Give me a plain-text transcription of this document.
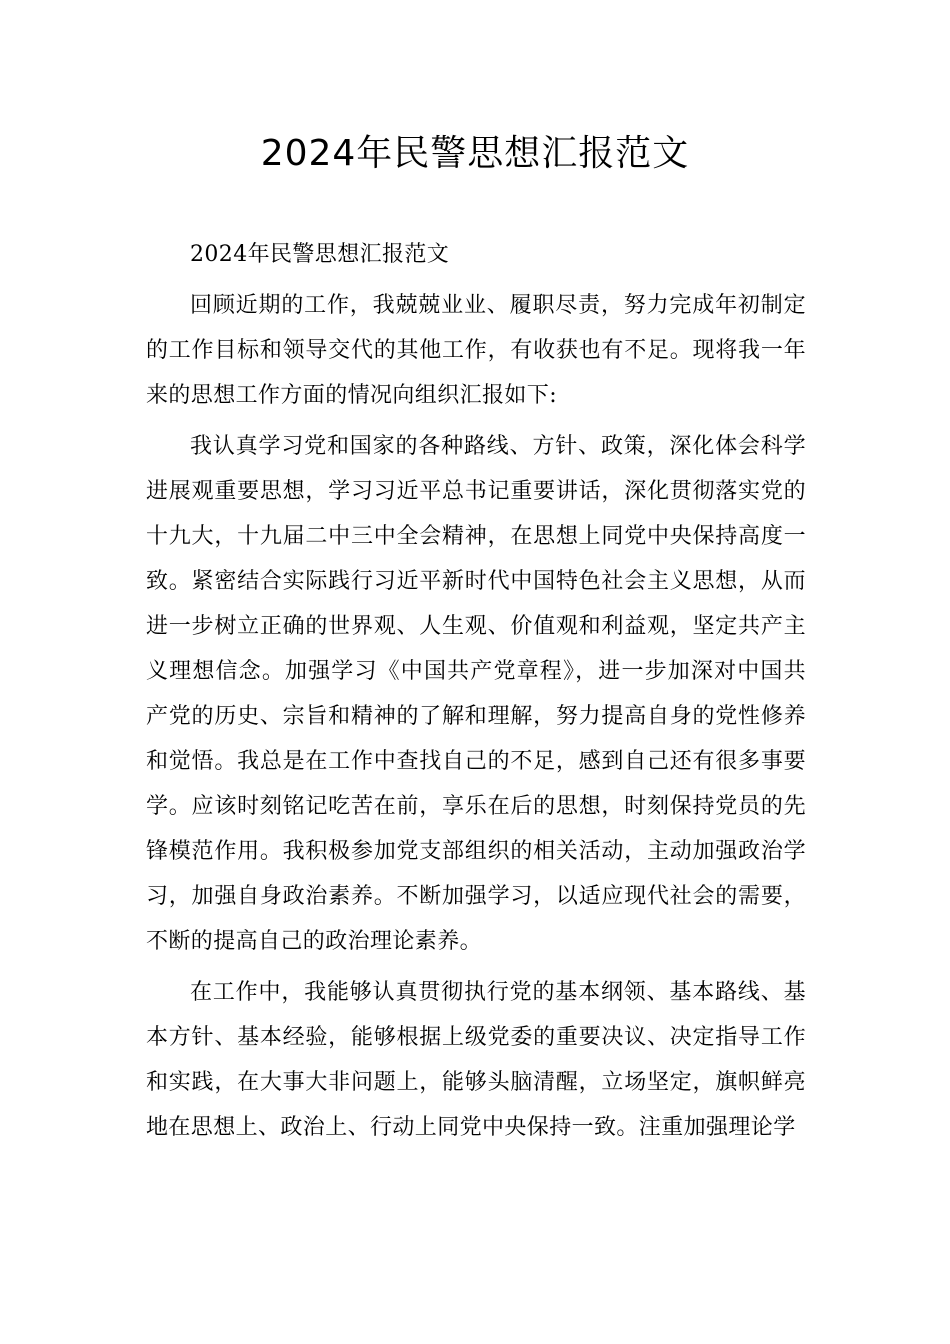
2024年民警思想汇报范文

2024年民警思想汇报范文

回顾近期的工作，我兢兢业业、履职尽责，努力完成年初制定的工作目标和领导交代的其他工作，有收获也有不足。现将我一年来的思想工作方面的情况向组织汇报如下:

我认真学习党和国家的各种路线、方针、政策，深化体会科学进展观重要思想，学习习近平总书记重要讲话，深化贯彻落实党的十九大，十九届二中三中全会精神，在思想上同党中央保持高度一致。紧密结合实际践行习近平新时代中国特色社会主义思想，从而进一步树立正确的世界观、人生观、价值观和利益观，坚定共产主义理想信念。加强学习《中国共产党章程》，进一步加深对中国共产党的历史、宗旨和精神的了解和理解，努力提高自身的党性修养和觉悟。我总是在工作中查找自己的不足，感到自己还有很多事要学。应该时刻铭记吃苦在前，享乐在后的思想，时刻保持党员的先锋模范作用。我积极参加党支部组织的相关活动，主动加强政治学习，加强自身政治素养。不断加强学习，以适应现代社会的需要，不断的提高自己的政治理论素养。

在工作中，我能够认真贯彻执行党的基本纲领、基本路线、基本方针、基本经验，能够根据上级党委的重要决议、决定指导工作和实践，在大事大非问题上，能够头脑清醒，立场坚定，旗帜鲜亮地在思想上、政治上、行动上同党中央保持一致。注重加强理论学
